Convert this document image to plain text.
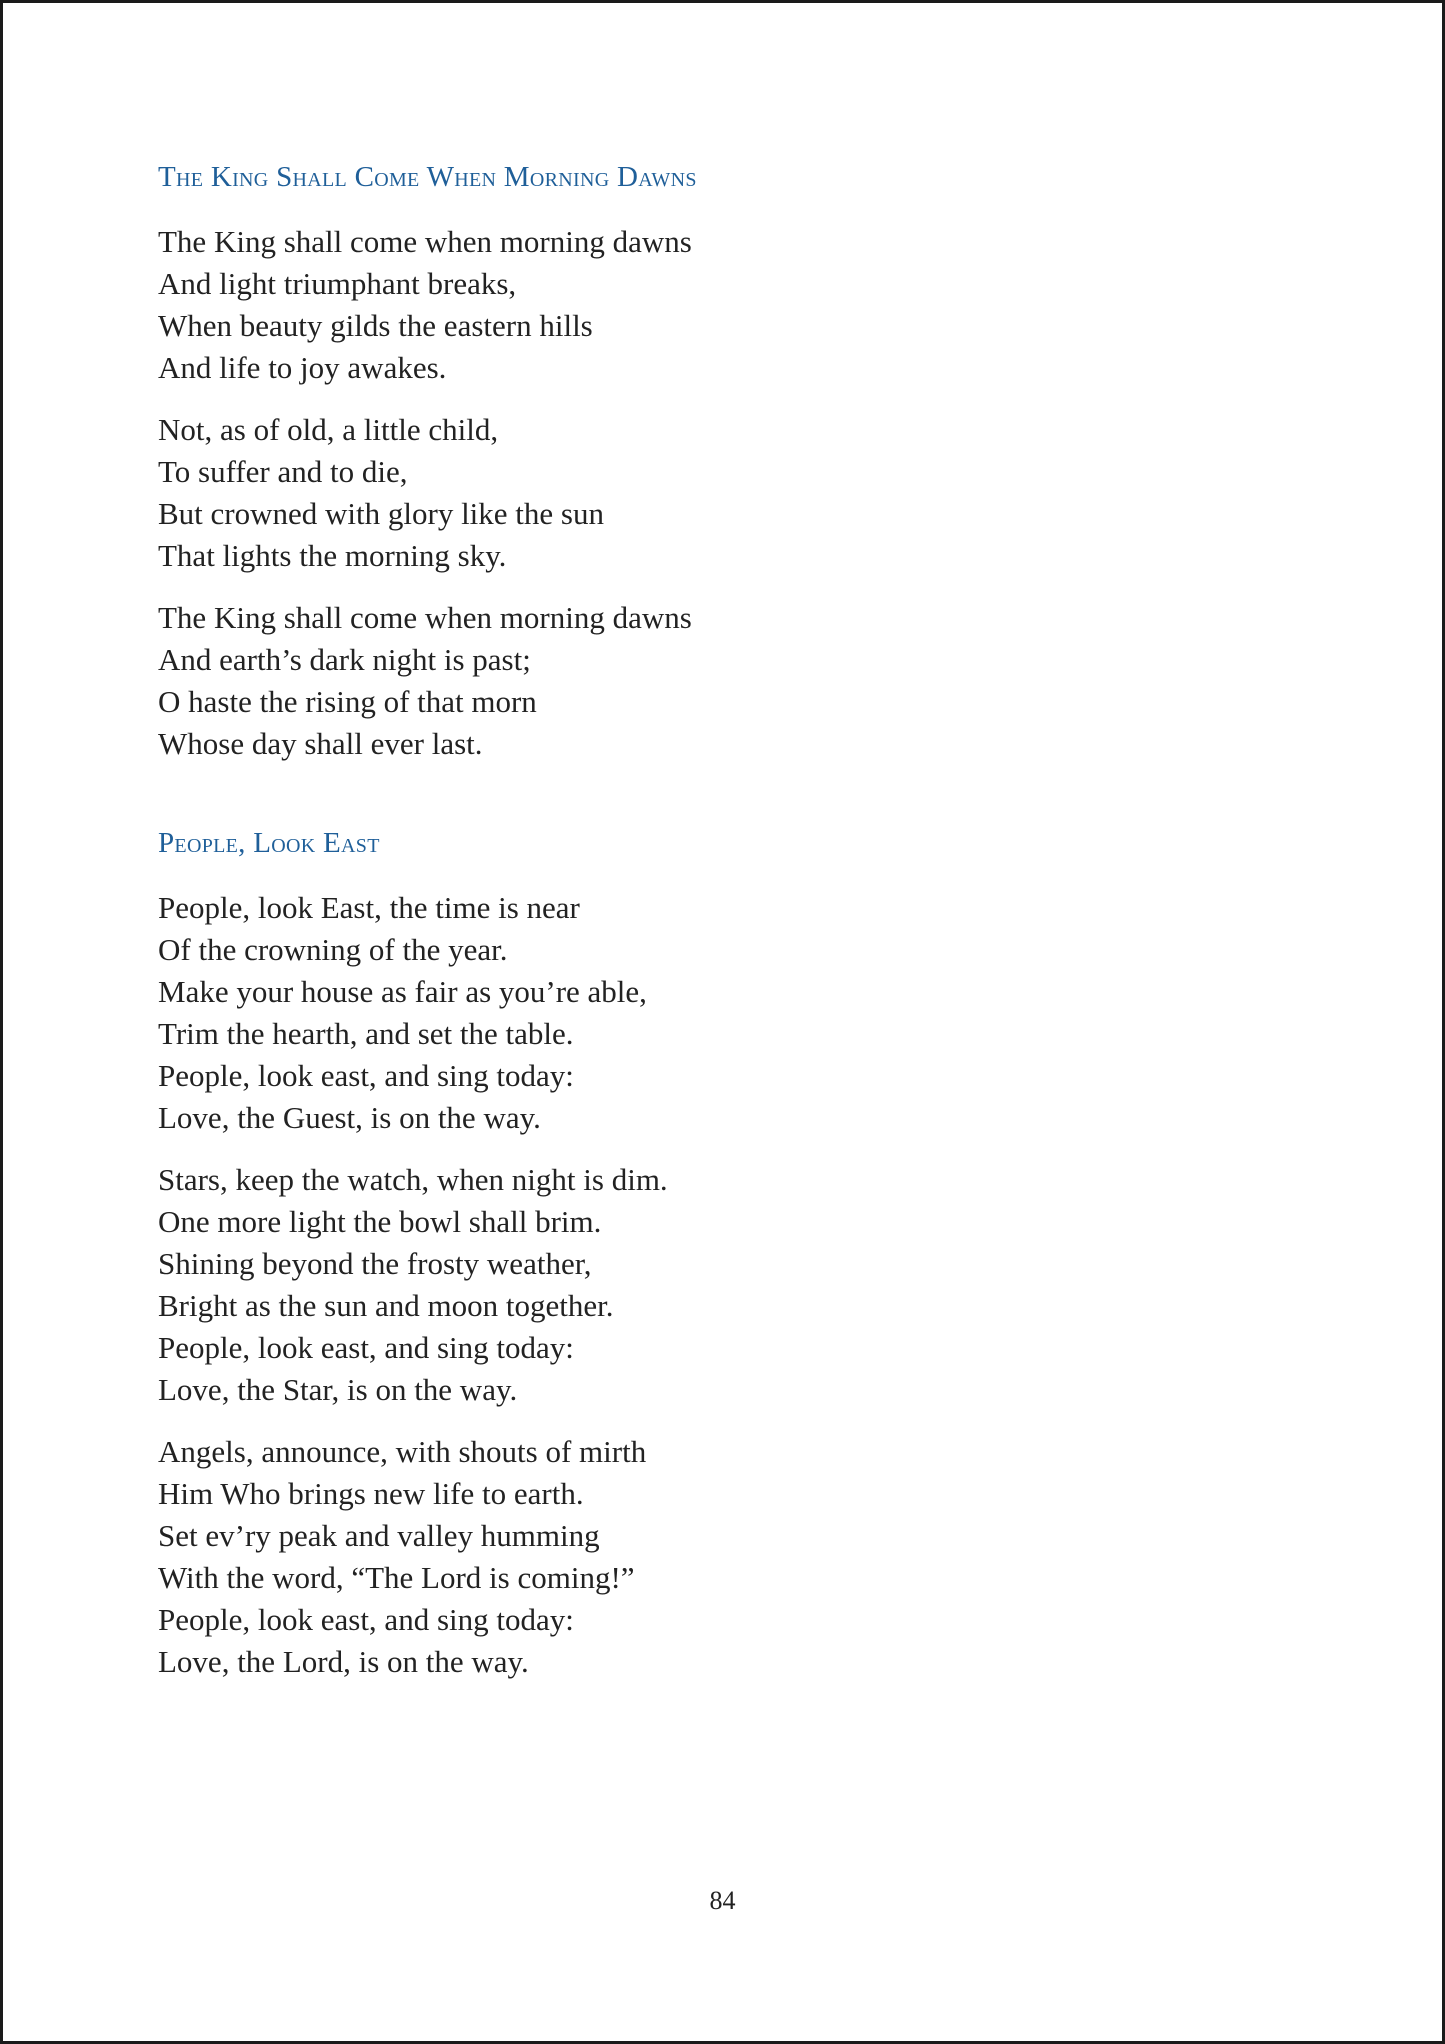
The King Shall Come When Morning Dawns
The King shall come when morning dawns
And light triumphant breaks,
When beauty gilds the eastern hills
And life to joy awakes.
Not, as of old, a little child,
To suffer and to die,
But crowned with glory like the sun
That lights the morning sky.
The King shall come when morning dawns
And earth’s dark night is past;
O haste the rising of that morn
Whose day shall ever last.
People, Look East
People, look East, the time is near
Of the crowning of the year.
Make your house as fair as you’re able,
Trim the hearth, and set the table.
People, look east, and sing today:
Love, the Guest, is on the way.
Stars, keep the watch, when night is dim.
One more light the bowl shall brim.
Shining beyond the frosty weather,
Bright as the sun and moon together.
People, look east, and sing today:
Love, the Star, is on the way.
Angels, announce, with shouts of mirth
Him Who brings new life to earth.
Set ev’ry peak and valley humming
With the word, “The Lord is coming!”
People, look east, and sing today:
Love, the Lord, is on the way.
84
